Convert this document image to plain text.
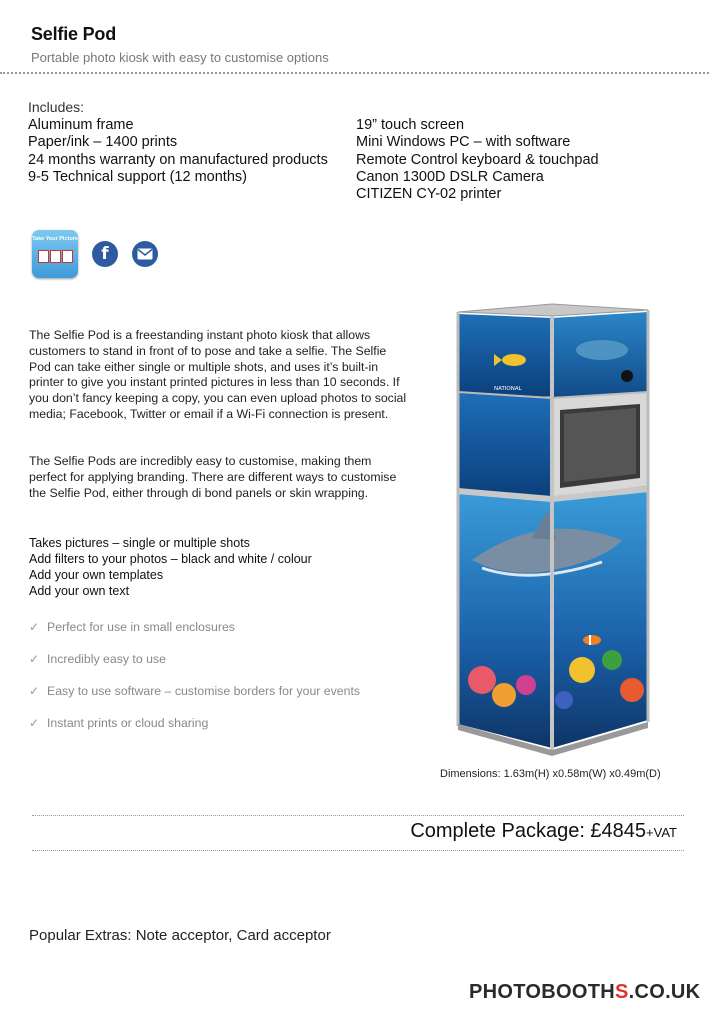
Selfie Pod
Portable photo kiosk with easy to customise options
Includes:
Aluminum frame
Paper/ink – 1400 prints
24 months warranty on manufactured products
9-5 Technical support (12 months)
19” touch screen
Mini Windows PC – with software
Remote Control keyboard & touchpad
Canon 1300D DSLR Camera
CITIZEN CY-02 printer
Take Your Picture
f
The Selfie Pod is a freestanding instant photo kiosk that allows customers to stand in front of to pose and take a selfie. The Selfie Pod can take either single or multiple shots, and uses it’s built-in printer to give you instant printed pictures in less than 10 seconds. If you don’t fancy keeping a copy, you can even upload photos to social media; Facebook, Twitter or email if a Wi-Fi connection is present.
The Selfie Pods are incredibly easy to customise, making them perfect for applying branding. There are different ways to customise the Selfie Pod, either through di bond panels or skin wrapping.
Takes pictures – single or multiple shots
Add filters to your photos – black and white / colour
Add your own templates
Add your own text
✓ Perfect for use in small enclosures
✓ Incredibly easy to use
✓ Easy to use software – customise borders for your events
✓ Instant prints or cloud sharing
NATIONAL
Dimensions: 1.63m(H) x0.58m(W) x0.49m(D)
Complete Package: £4845+VAT
Popular Extras: Note acceptor, Card acceptor
PHOTOBOOTHS.CO.UK
